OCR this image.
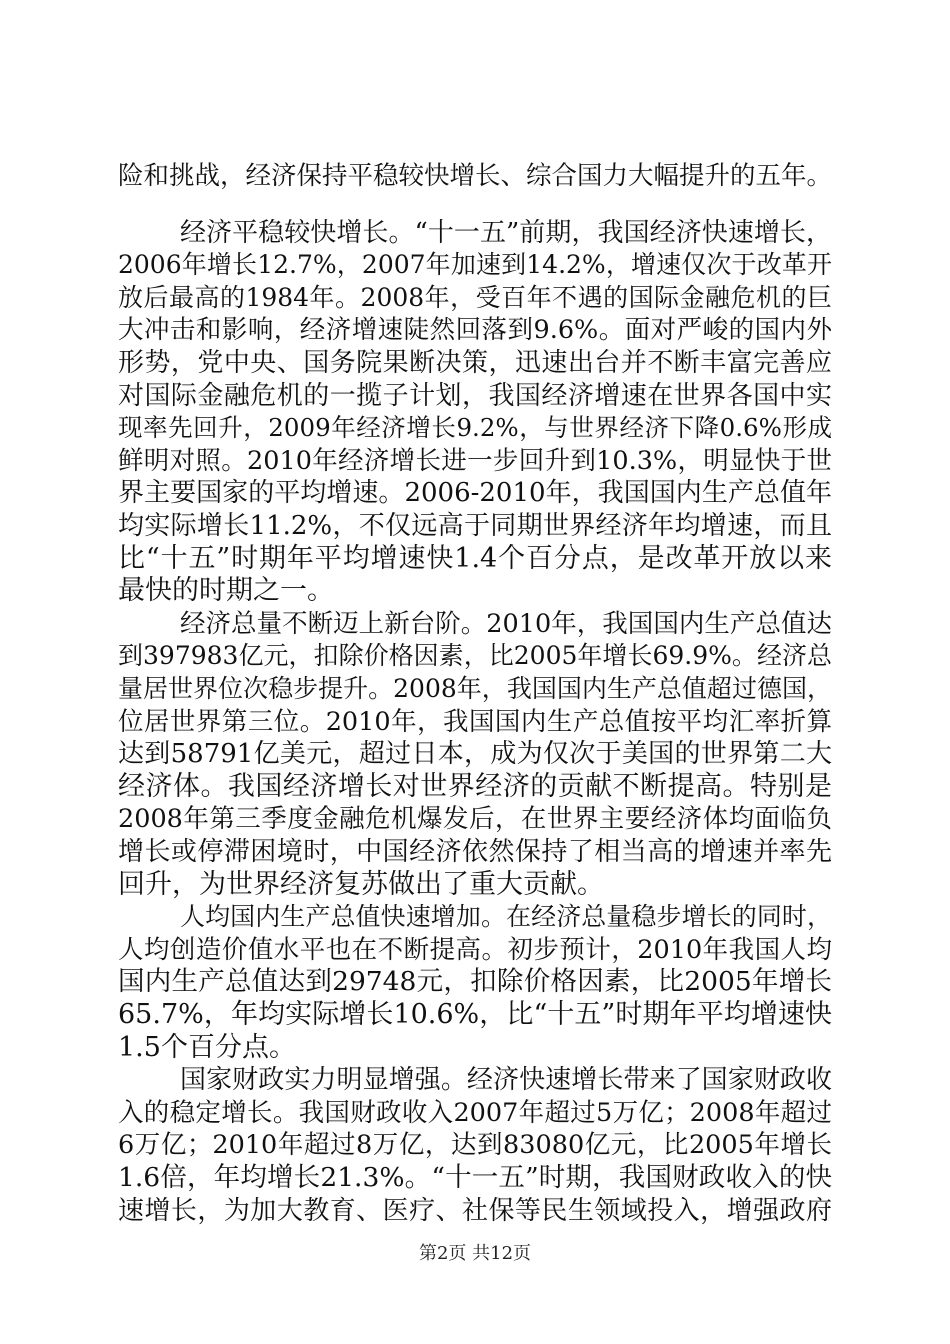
险和挑战，经济保持平稳较快增长、综合国力大幅提升的五年。
经济平稳较快增长。“十一五”前期，我国经济快速增长，
2006年增长12.7%，2007年加速到14.2%，增速仅次于改革开
放后最高的1984年。2008年，受百年不遇的国际金融危机的巨
大冲击和影响，经济增速陡然回落到9.6%。面对严峻的国内外
形势，党中央、国务院果断决策，迅速出台并不断丰富完善应
对国际金融危机的一揽子计划，我国经济增速在世界各国中实
现率先回升，2009年经济增长9.2%，与世界经济下降0.6%形成
鲜明对照。2010年经济增长进一步回升到10.3%，明显快于世
界主要国家的平均增速。2006-2010年，我国国内生产总值年
均实际增长11.2%，不仅远高于同期世界经济年均增速，而且
比“十五”时期年平均增速快1.4个百分点，是改革开放以来
最快的时期之一。
经济总量不断迈上新台阶。2010年，我国国内生产总值达
到397983亿元，扣除价格因素，比2005年增长69.9%。经济总
量居世界位次稳步提升。2008年，我国国内生产总值超过德国，
位居世界第三位。2010年，我国国内生产总值按平均汇率折算
达到58791亿美元，超过日本，成为仅次于美国的世界第二大
经济体。我国经济增长对世界经济的贡献不断提高。特别是
2008年第三季度金融危机爆发后，在世界主要经济体均面临负
增长或停滞困境时，中国经济依然保持了相当高的增速并率先
回升，为世界经济复苏做出了重大贡献。
人均国内生产总值快速增加。在经济总量稳步增长的同时，
人均创造价值水平也在不断提高。初步预计，2010年我国人均
国内生产总值达到29748元，扣除价格因素，比2005年增长
65.7%，年均实际增长10.6%，比“十五”时期年平均增速快
1.5个百分点。
国家财政实力明显增强。经济快速增长带来了国家财政收
入的稳定增长。我国财政收入2007年超过5万亿；2008年超过
6万亿；2010年超过8万亿，达到83080亿元，比2005年增长
1.6倍，年均增长21.3%。“十一五”时期，我国财政收入的快
速增长，为加大教育、医疗、社保等民生领域投入，增强政府
第2页 共12页
